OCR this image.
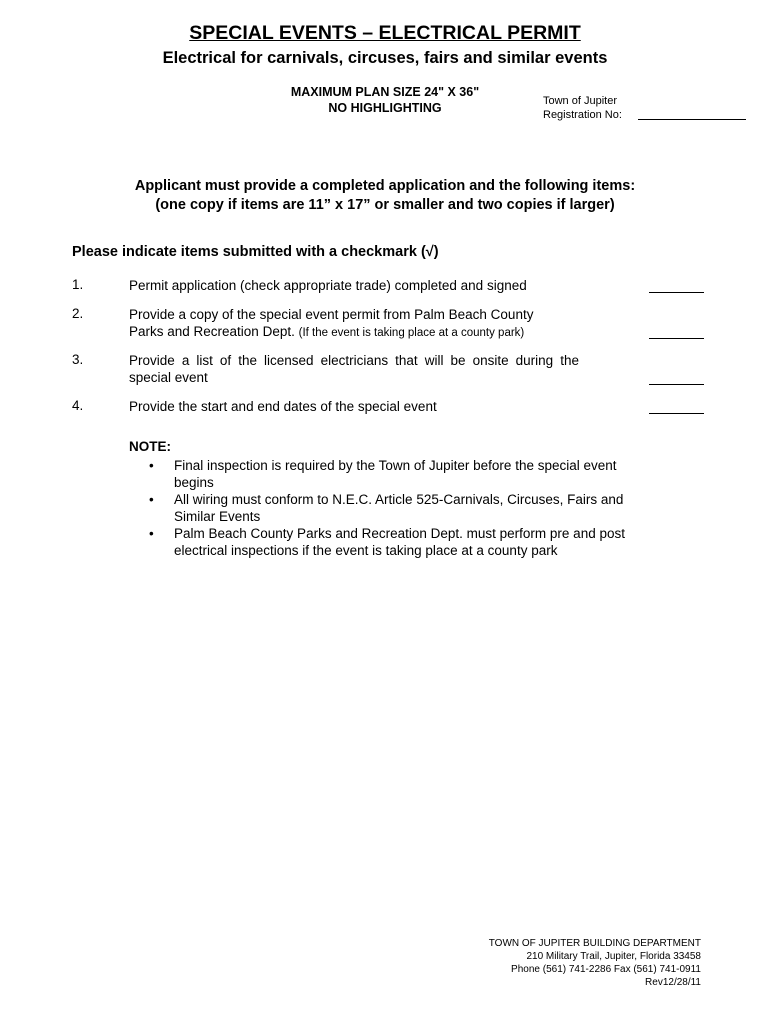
SPECIAL EVENTS – ELECTRICAL PERMIT
Electrical for carnivals, circuses, fairs and similar events
MAXIMUM PLAN SIZE 24" X 36"
NO HIGHLIGHTING	Town of Jupiter
Registration No:
Applicant must provide a completed application and the following items:
(one copy if items are 11” x 17” or smaller and two copies if larger)
Please indicate items submitted with a checkmark (√)
1.	Permit application (check appropriate trade) completed and signed
2.	Provide a copy of the special event permit from Palm Beach County
Parks and Recreation Dept. (If the event is taking place at a county park)
3.	Provide a list of the licensed electricians that will be onsite during the special event
4.	Provide the start and end dates of the special event
NOTE:
• Final inspection is required by the Town of Jupiter before the special event begins
• All wiring must conform to N.E.C. Article 525-Carnivals, Circuses, Fairs and Similar Events
• Palm Beach County Parks and Recreation Dept. must perform pre and post electrical inspections if the event is taking place at a county park
TOWN OF JUPITER BUILDING DEPARTMENT
210 Military Trail, Jupiter, Florida 33458
Phone (561) 741-2286 Fax (561) 741-0911
Rev12/28/11
